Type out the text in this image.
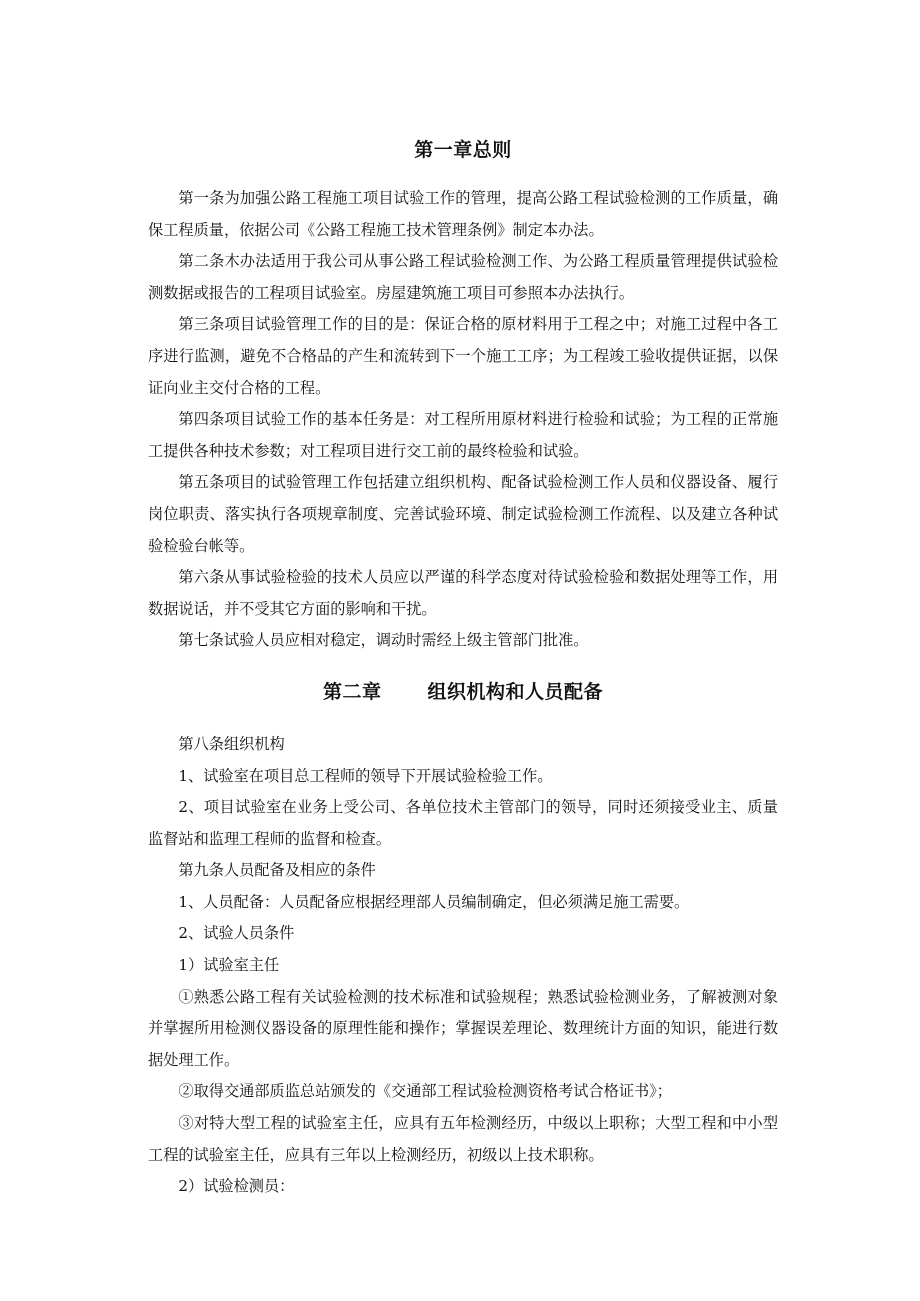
第一章总则

第一条为加强公路工程施工项目试验工作的管理，提高公路工程试验检测的工作质量，确保工程质量，依据公司《公路工程施工技术管理条例》制定本办法。

第二条木办法适用于我公司从事公路工程试验检测工作、为公路工程质量管理提供试验检测数据或报告的工程项目试验室。房屋建筑施工项目可参照本办法执行。

第三条项目试验管理工作的目的是：保证合格的原材料用于工程之中；对施工过程中各工序进行监测，避免不合格品的产生和流转到下一个施工工序；为工程竣工验收提供证据，以保证向业主交付合格的工程。

第四条项目试验工作的基本任务是：对工程所用原材料进行检验和试验；为工程的正常施工提供各种技术参数；对工程项目进行交工前的最终检验和试验。

第五条项目的试验管理工作包括建立组织机构、配备试验检测工作人员和仪器设备、履行岗位职责、落实执行各项规章制度、完善试验环境、制定试验检测工作流程、以及建立各种试验检验台帐等。

第六条从事试验检验的技术人员应以严谨的科学态度对待试验检验和数据处理等工作，用数据说话，并不受其它方面的影响和干扰。

第七条试验人员应相对稳定，调动时需经上级主管部门批准。

第二章 组织机构和人员配备

第八条组织机构

1、试验室在项目总工程师的领导下开展试验检验工作。

2、项目试验室在业务上受公司、各单位技术主管部门的领导，同时还须接受业主、质量监督站和监理工程师的监督和检查。

第九条人员配备及相应的条件

1、人员配备：人员配备应根据经理部人员编制确定，但必须满足施工需要。

2、试验人员条件

1）试验室主任

①熟悉公路工程有关试验检测的技术标准和试验规程；熟悉试验检测业务，了解被测对象并掌握所用检测仪器设备的原理性能和操作；掌握误差理论、数理统计方面的知识，能进行数据处理工作。

②取得交通部质监总站颁发的《交通部工程试验检测资格考试合格证书》；

③对特大型工程的试验室主任，应具有五年检测经历，中级以上职称；大型工程和中小型工程的试验室主任，应具有三年以上检测经历，初级以上技术职称。

2）试验检测员：
